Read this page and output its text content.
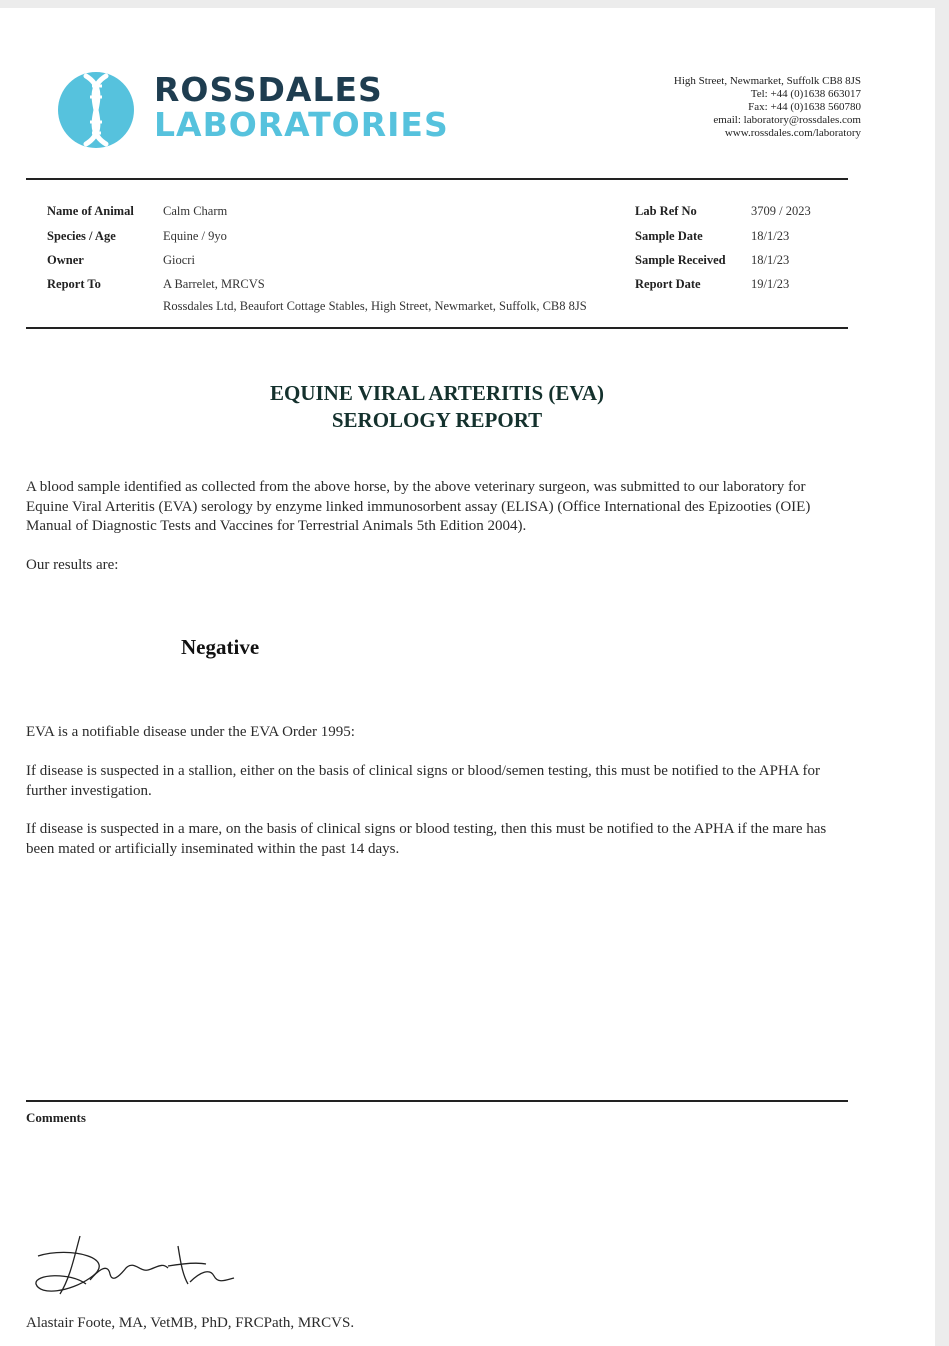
ROSSDALES
LABORATORIES
High Street, Newmarket, Suffolk CB8 8JS
Tel: +44 (0)1638 663017
Fax: +44 (0)1638 560780
email: laboratory@rossdales.com
www.rossdales.com/laboratory
Name of Animal Calm Charm
Species / Age	Equine / 9yo
Owner	Giocri
Report To	A Barrelet, MRCVS
Rossdales Ltd, Beaufort Cottage Stables, High Street, Newmarket, Suffolk, CB8 8JS
Lab Ref No	3709 / 2023
Sample Date	18/1/23
Sample Received 18/1/23
Report Date	19/1/23
EQUINE VIRAL ARTERITIS (EVA)
SEROLOGY REPORT

A blood sample identified as collected from the above horse, by the above veterinary surgeon, was submitted to our laboratory for Equine Viral Arteritis (EVA) serology by enzyme linked immunosorbent assay (ELISA) (Office International des Epizooties (OIE) Manual of Diagnostic Tests and Vaccines for Terrestrial Animals 5th Edition 2004).

Our results are:

Negative

EVA is a notifiable disease under the EVA Order 1995:

If disease is suspected in a stallion, either on the basis of clinical signs or blood/semen testing, this must be notified to the APHA for further investigation.

If disease is suspected in a mare, on the basis of clinical signs or blood testing, then this must be notified to the APHA if the mare has been mated or artificially inseminated within the past 14 days.

Comments
Alastair Foote, MA, VetMB, PhD, FRCPath, MRCVS.
